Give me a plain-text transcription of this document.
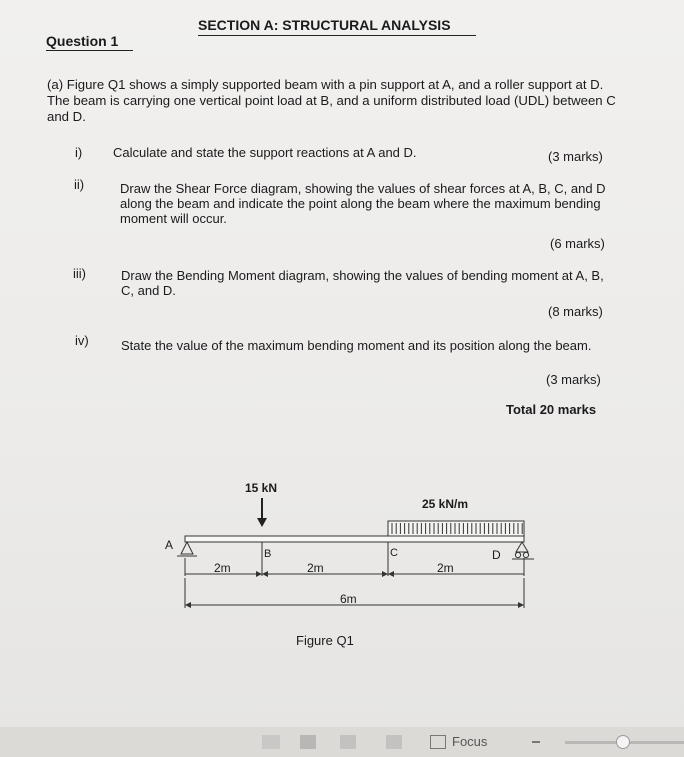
SECTION A: STRUCTURAL ANALYSIS
Question 1
(a) Figure Q1 shows a simply supported beam with a pin support at A, and a roller support at D. The beam is carrying one vertical point load at B, and a uniform distributed load (UDL) between C and D.
i) Calculate and state the support reactions at A and D.	(3 marks)
ii)	Draw the Shear Force diagram, showing the values of shear forces at A, B, C, and D along the beam and indicate the point along the beam where the maximum bending moment will occur.
(6 marks)
iii)	Draw the Bending Moment diagram, showing the values of bending moment at A, B, C, and D.
(8 marks)
iv) State the value of the maximum bending moment and its position along the beam.
(3 marks)
Total 20 marks
15 kN
25 kN/m
A
D
B	C
2m	2m	2m
6m
Figure Q1
Focus
